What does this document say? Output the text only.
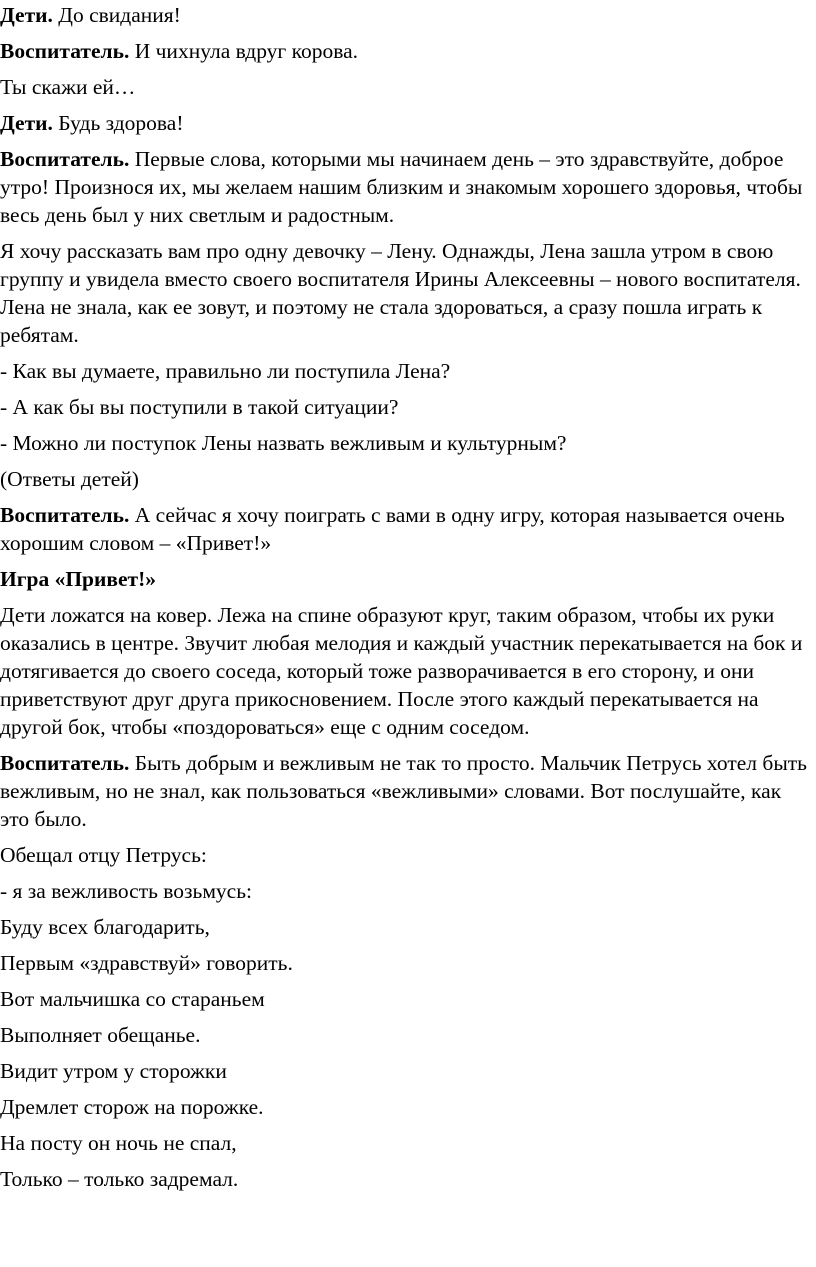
Дети. До свидания!

Воспитатель. И чихнула вдруг корова.

Ты скажи ей…

Дети. Будь здорова!

Воспитатель. Первые слова, которыми мы начинаем день – это здравствуйте, доброе утро! Произнося их, мы желаем нашим близким и знакомым хорошего здоровья, чтобы весь день был у них светлым и радостным.

Я хочу рассказать вам про одну девочку – Лену. Однажды, Лена зашла утром в свою группу и увидела вместо своего воспитателя Ирины Алексеевны – нового воспитателя. Лена не знала, как ее зовут, и поэтому не стала здороваться, а сразу пошла играть к ребятам.

- Как вы думаете, правильно ли поступила Лена?

- А как бы вы поступили в такой ситуации?

- Можно ли поступок Лены назвать вежливым и культурным?

(Ответы детей)

Воспитатель. А сейчас я хочу поиграть с вами в одну игру, которая называется очень хорошим словом – «Привет!»

Игра «Привет!»

Дети ложатся на ковер. Лежа на спине образуют круг, таким образом, чтобы их руки оказались в центре. Звучит любая мелодия и каждый участник перекатывается на бок и дотягивается до своего соседа, который тоже разворачивается в его сторону, и они приветствуют друг друга прикосновением. После этого каждый перекатывается на другой бок, чтобы «поздороваться» еще с одним соседом.

Воспитатель. Быть добрым и вежливым не так то просто. Мальчик Петрусь хотел быть вежливым, но не знал, как пользоваться «вежливыми» словами. Вот послушайте, как это было.

Обещал отцу Петрусь:

- я за вежливость возьмусь:

Буду всех благодарить,

Первым «здравствуй» говорить.

Вот мальчишка со стараньем

Выполняет обещанье.

Видит утром у сторожки

Дремлет сторож на порожке.

На посту он ночь не спал,

Только – только задремал.
